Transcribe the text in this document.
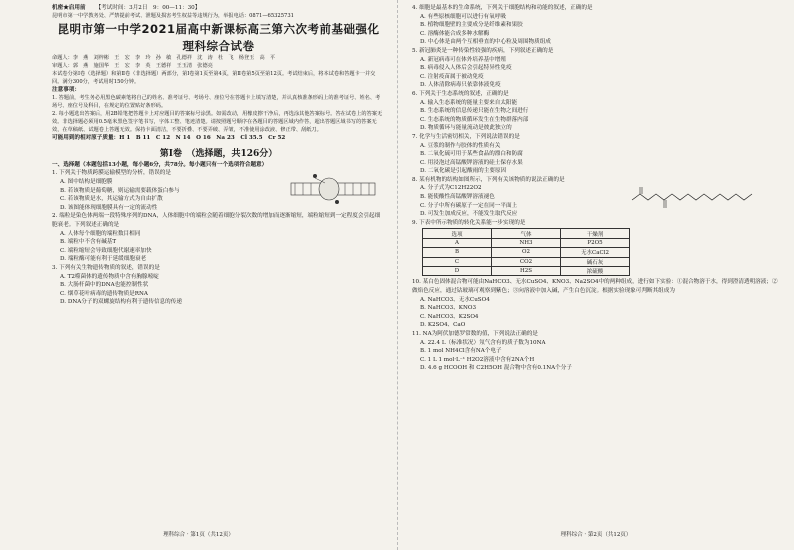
机密★启用前 【考试时间：3月2日　9：00—11：30】
昆明市第一中学教务处、严禁提前考试、泄题及损害考生权益等违规行为，举报电话：0871—65325731
昆明市第一中学2021届高中新课标高三第六次考前基础强化
理科综合试卷
命题人：李　燕　刘梓彬　王　宏　李　玲　孙　敏　孔德祥　沈　涛　杜　飞　杨登玉　高　平
审题人：郭　燕　施国华　王　宏　李　英　王德祥　王玉清　张德亮
本试卷分第Ⅰ卷（选择题）和第Ⅱ卷（非选择题）两部分，第Ⅰ卷第1页至第4页，第Ⅱ卷第5页至第12页。考试结束后，将本试卷和答题卡一并交回。满分300分，考试用时150分钟。
注意事项：
1. 答题前，考生务必用黑色碳素笔将自己的姓名、准考证号、考场号、座位号在答题卡上填写清楚，并认真核准条形码上的准考证号、姓名、考场号、座位号及科目，在规定的位置贴好条形码。
2. 每小题选出答案后，用2B铅笔把答题卡上对应题目的答案标号涂黑。如需改动，用橡皮擦干净后，再选涂其他答案标号。答在试卷上的答案无效。非选择题必须用0.5毫米黑色签字笔书写，字体工整、笔迹清楚。请按照题号顺序在各题目的答题区域内作答，超出答题区域书写的答案无效，在草稿纸、试题卷上答题无效。保持卡面清洁，不要折叠、不要弄破、弄皱，不准使用涂改液、修正带、刮纸刀。
可能用到的相对原子质量：H 1　B 11　C 12　N 14　O 16　Na 23　Cl 35.5　Cr 52
第Ⅰ卷　（选择题，共126分）
一、选择题（本题包括13小题，每小题6分，共78分。每小题只有一个选项符合题意）
1. 下列关于物质跨膜运输模型的分析，错误的是
A. 图中结构是细胞膜
B. 若该物质是葡萄糖，则运输需要载体蛋白参与
C. 若该物质是水，其运输方式为自由扩散
D. 该图能体现细胞膜具有一定的流动性
2. 端粒是染色体两端一段特殊序列的DNA，人体细胞中的端粒会随着细胞分裂次数的增加而逐渐缩短，端粒缩短到一定程度会引起细胞衰老。下列叙述正确的是
A. 人体每个细胞的端粒数目相同
B. 端粒中不含有碱基T
C. 端粒缩短会导致细胞代谢速率加快
D. 端粒酶可能有利于延缓细胞衰老
3. 下列有关生物遗传物质的叙述，错误的是
A. T2噬菌体的遗传物质中含有胸腺嘧啶
B. 大肠杆菌中的DNA也能控制性状
C. 烟草花叶病毒的遗传物质是RNA
D. DNA分子的双螺旋结构有利于遗传信息的传递
理科综合 · 第1页（共12页）
4. 细胞是最基本的生命系统，下列关于细胞结构和功能的叙述，正确的是
A. 有些原核细胞可以进行有氧呼吸
B. 植物细胞壁的主要成分是纤维素和果胶
C. 溶酶体能合成多种水解酶
D. 中心体是由两个互相垂直的中心粒及周围物质组成
5. 新冠肺炎是一种传染性较强的疾病，下列叙述正确的是
A. 新冠病毒可在体外培养基中增殖
B. 病毒侵入人体后会引起特异性免疫
C. 注射疫苗属于被动免疫
D. 人体清除病毒只依靠体液免疫
6. 下列关于生态系统的叙述，正确的是
A. 输入生态系统的能量主要来自太阳能
B. 生态系统的信息传递只能在生物之间进行
C. 生态系统的物质循环发生在生物群落内部
D. 物质循环与能量流动是彼此独立的
7. 化学与生活密切相关，下列说法错误的是
A. 豆浆的制作与胶体的性质有关
B. 二氧化硫可用于某些食品的漂白和防腐
C. 用浸泡过高锰酸钾溶液的硅土保存水果
D. 二氧化碳是引起酸雨的主要原因
8. 某有机物的结构如图所示，下列有关该物质的说法正确的是
A. 分子式为C12H22O2
B. 能使酸性高锰酸钾溶液褪色
C. 分子中所有碳原子一定在同一平面上
D. 可发生加成反应，不能发生取代反应
9. 下表中所示物质的转化关系能一步实现的是
选项	气体	干燥剂
A	NH3	P2O5
B	O2	无水CaCl2
C	CO2	碱石灰
D	H2S	浓硫酸
10. 某白色固体混合物可能由NaHCO3、无水CuSO4、KNO3、Na2SO4中的两种组成，进行如下实验：①混合物溶于水，得到澄清透明溶液；②做焰色反应，通过钴玻璃可观察到紫色；③向溶液中加入碱，产生白色沉淀。根据实验现象可判断其组成为
A. NaHCO3、无水CuSO4
B. NaHCO3、KNO3
C. NaHCO3、K2SO4
D. K2SO4、CaO
11. NA为阿伏加德罗常数的值，下列说法正确的是
A. 22.4 L（标准状况）氖气含有的质子数为10NA
B. 1 mol NH4Cl含有NA个电子
C. 1 L 1 mol·L⁻¹ H2O2溶液中含有2NA个H
D. 4.6 g HCOOH 和 C2H5OH 混合物中含有0.1NA个分子
理科综合 · 第2页（共12页）
